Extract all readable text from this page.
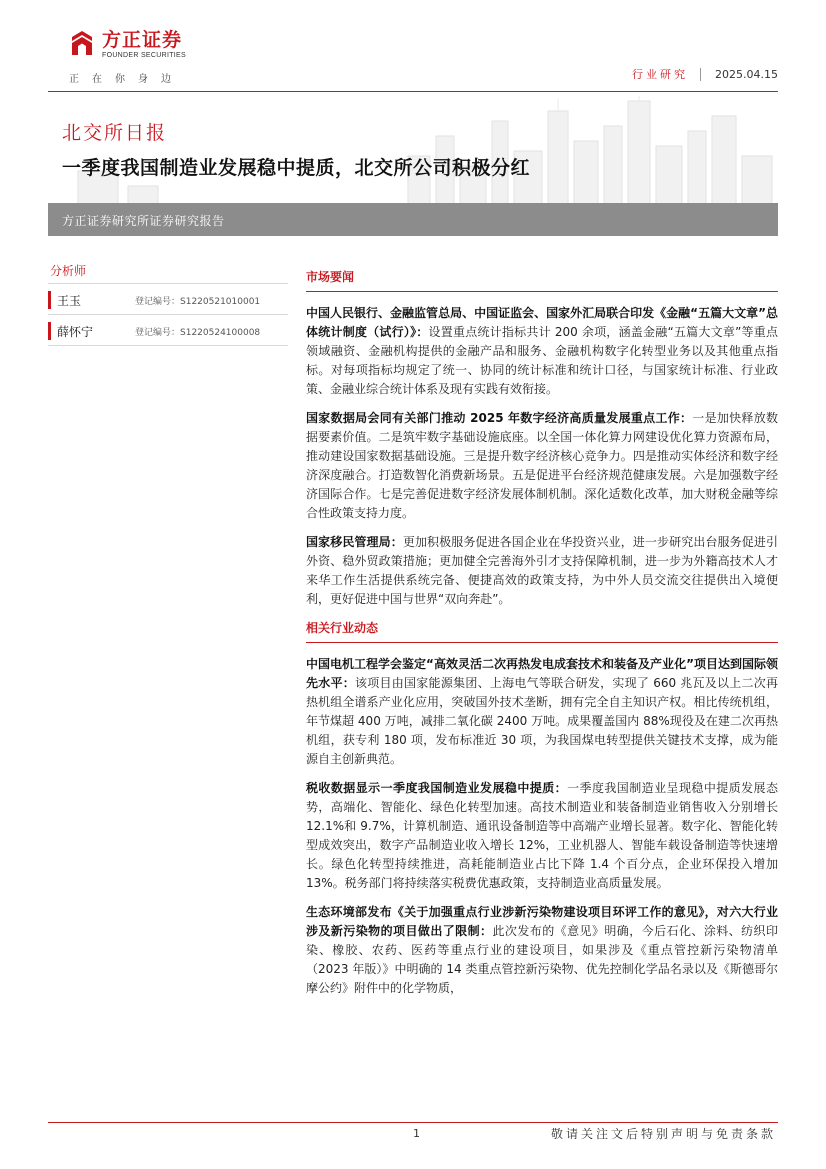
方正证券
FOUNDER SECURITIES
正在你身边	行业研究 2025.04.15
北交所日报
一季度我国制造业发展稳中提质，北交所公司积极分红
方正证券研究所证券研究报告
分析师
王玉	登记编号：S1220521010001
薛怀宁	登记编号：S1220524100008
市场要闻

中国人民银行、金融监管总局、中国证监会、国家外汇局联合印发《金融“五篇大文章”总体统计制度（试行）》：设置重点统计指标共计 200 余项，涵盖金融“五篇大文章”等重点领域融资、金融机构提供的金融产品和服务、金融机构数字化转型业务以及其他重点指标。对每项指标均规定了统一、协同的统计标准和统计口径，与国家统计标准、行业政策、金融业综合统计体系及现有实践有效衔接。

国家数据局会同有关部门推动 2025 年数字经济高质量发展重点工作：一是加快释放数据要素价值。二是筑牢数字基础设施底座。以全国一体化算力网建设优化算力资源布局，推动建设国家数据基础设施。三是提升数字经济核心竞争力。四是推动实体经济和数字经济深度融合。打造数智化消费新场景。五是促进平台经济规范健康发展。六是加强数字经济国际合作。七是完善促进数字经济发展体制机制。深化适数化改革，加大财税金融等综合性政策支持力度。

国家移民管理局：更加积极服务促进各国企业在华投资兴业，进一步研究出台服务促进引外资、稳外贸政策措施；更加健全完善海外引才支持保障机制，进一步为外籍高技术人才来华工作生活提供系统完备、便捷高效的政策支持，为中外人员交流交往提供出入境便利，更好促进中国与世界“双向奔赴”。

相关行业动态

中国电机工程学会鉴定“高效灵活二次再热发电成套技术和装备及产业化”项目达到国际领先水平：该项目由国家能源集团、上海电气等联合研发，实现了 660 兆瓦及以上二次再热机组全谱系产业化应用，突破国外技术垄断，拥有完全自主知识产权。相比传统机组，年节煤超 400 万吨，减排二氧化碳 2400 万吨。成果覆盖国内 88%现役及在建二次再热机组，获专利 180 项，发布标准近 30 项，为我国煤电转型提供关键技术支撑，成为能源自主创新典范。

税收数据显示一季度我国制造业发展稳中提质：一季度我国制造业呈现稳中提质发展态势，高端化、智能化、绿色化转型加速。高技术制造业和装备制造业销售收入分别增长 12.1%和 9.7%，计算机制造、通讯设备制造等中高端产业增长显著。数字化、智能化转型成效突出，数字产品制造业收入增长 12%，工业机器人、智能车载设备制造等快速增长。绿色化转型持续推进，高耗能制造业占比下降 1.4 个百分点，企业环保投入增加 13%。税务部门将持续落实税费优惠政策，支持制造业高质量发展。

生态环境部发布《关于加强重点行业涉新污染物建设项目环评工作的意见》，对六大行业涉及新污染物的项目做出了限制：此次发布的《意见》明确，今后石化、涂料、纺织印染、橡胶、农药、医药等重点行业的建设项目，如果涉及《重点管控新污染物清单（2023 年版）》中明确的 14 类重点管控新污染物、优先控制化学品名录以及《斯德哥尔摩公约》附件中的化学物质，

1	敬请关注文后特别声明与免责条款
